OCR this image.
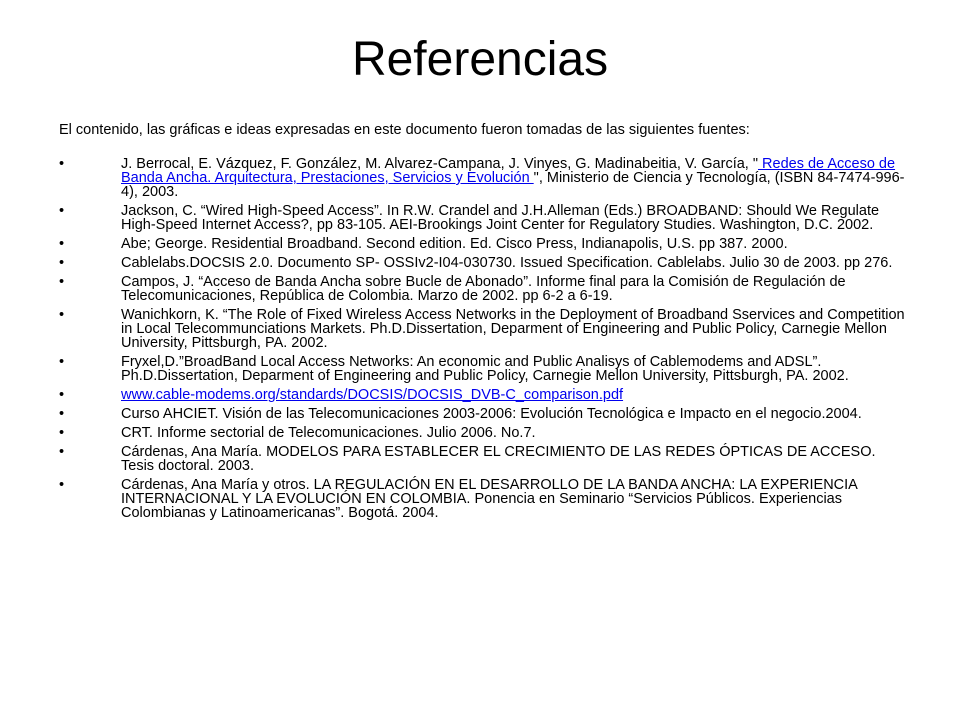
Referencias

El contenido, las gráficas e ideas expresadas en este documento fueron tomadas de las siguientes fuentes:

•	J. Berrocal, E. Vázquez, F. González, M. Alvarez-Campana, J. Vinyes, G. Madinabeitia, V. García, " Redes de Acceso de Banda Ancha. Arquitectura, Prestaciones, Servicios y Evolución ", Ministerio de Ciencia y Tecnología, (ISBN 84-7474-996-4), 2003.
•	Jackson, C. “Wired High-Speed Access”. In R.W. Crandel and J.H.Alleman (Eds.) BROADBAND: Should We Regulate High-Speed Internet Access?, pp 83-105. AEI-Brookings Joint Center for Regulatory Studies. Washington, D.C. 2002.
•	Abe; George. Residential Broadband. Second edition. Ed. Cisco Press, Indianapolis, U.S. pp 387. 2000.
•	Cablelabs.DOCSIS 2.0. Documento SP- OSSIv2-I04-030730. Issued Specification. Cablelabs. Julio 30 de 2003. pp 276.
•	Campos, J. “Acceso de Banda Ancha sobre Bucle de Abonado”. Informe final para la Comisión de Regulación de Telecomunicaciones, República de Colombia. Marzo de 2002. pp 6-2 a 6-19.
•	Wanichkorn, K. “The Role of Fixed Wireless Access Networks in the Deployment of Broadband Sservices and Competition in Local Telecommunciations Markets. Ph.D.Dissertation, Deparment of Engineering and Public Policy, Carnegie Mellon University, Pittsburgh, PA. 2002.
•	Fryxel,D.”BroadBand Local Access Networks: An economic and Public Analisys of Cablemodems and ADSL”. Ph.D.Dissertation, Deparment of Engineering and Public Policy, Carnegie Mellon University, Pittsburgh, PA. 2002.
•	www.cable-modems.org/standards/DOCSIS/DOCSIS_DVB-C_comparison.pdf
•	Curso AHCIET. Visión de las Telecomunicaciones 2003-2006: Evolución Tecnológica e Impacto en el negocio.2004.
•	CRT. Informe sectorial de Telecomunicaciones. Julio 2006. No.7.
•	Cárdenas, Ana María. MODELOS PARA ESTABLECER EL CRECIMIENTO DE LAS REDES ÓPTICAS DE ACCESO. Tesis doctoral. 2003.
•	Cárdenas, Ana María y otros. LA REGULACIÓN EN EL DESARROLLO DE LA BANDA ANCHA: LA EXPERIENCIA INTERNACIONAL Y LA EVOLUCIÓN EN COLOMBIA. Ponencia en Seminario “Servicios Públicos. Experiencias Colombianas y Latinoamericanas”. Bogotá. 2004.
